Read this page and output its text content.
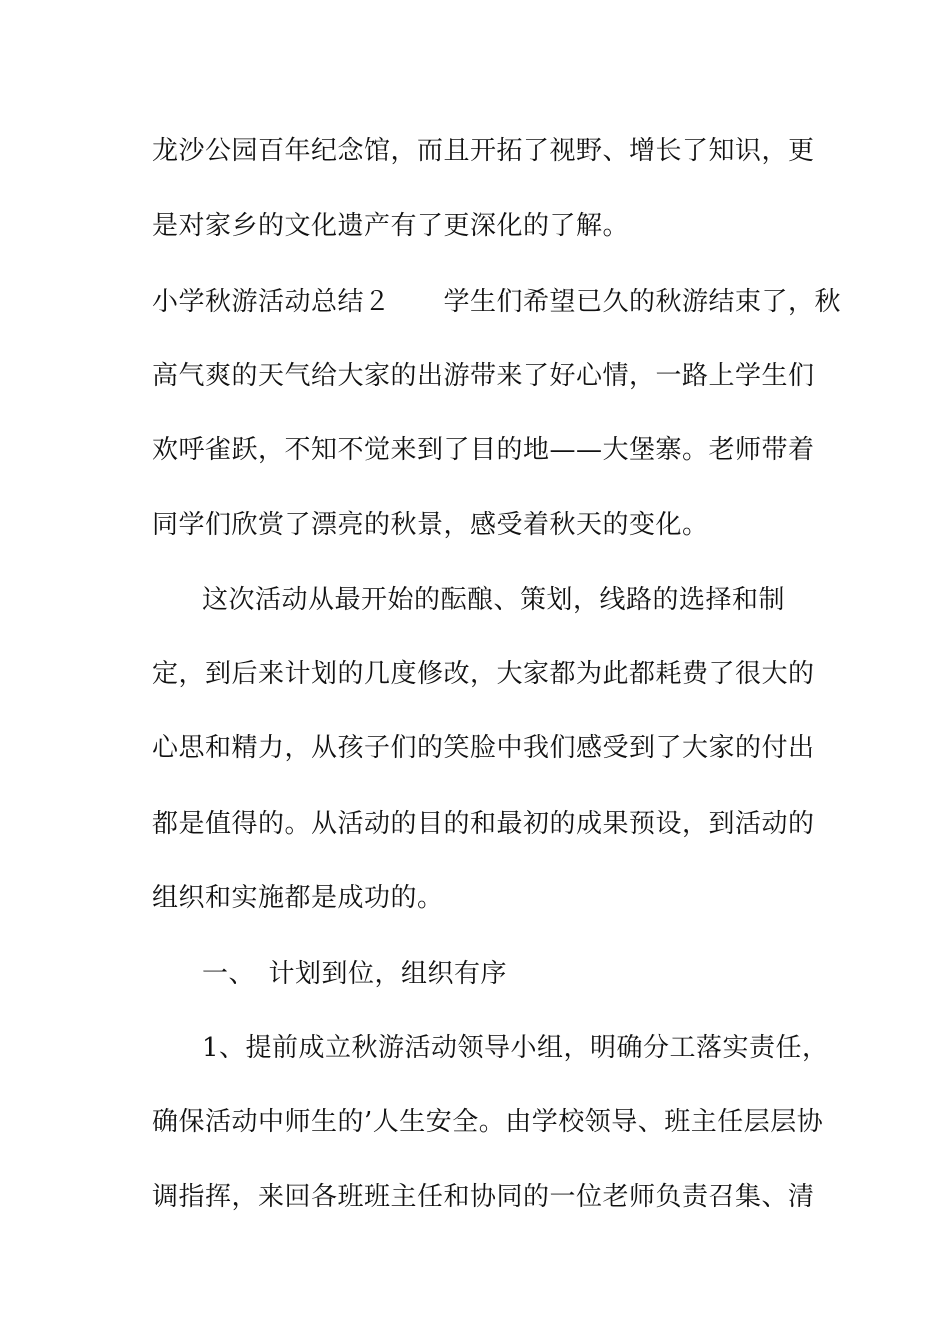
龙沙公园百年纪念馆，而且开拓了视野、增长了知识，更
是对家乡的文化遗产有了更深化的了解。
小学秋游活动总结２　　学生们希望已久的秋游结束了，秋
高气爽的天气给大家的出游带来了好心情，一路上学生们
欢呼雀跃，不知不觉来到了目的地——大堡寨。老师带着
同学们欣赏了漂亮的秋景，感受着秋天的变化。
这次活动从最开始的酝酿、策划，线路的选择和制
定，到后来计划的几度修改，大家都为此都耗费了很大的
心思和精力，从孩子们的笑脸中我们感受到了大家的付出
都是值得的。从活动的目的和最初的成果预设，到活动的
组织和实施都是成功的。
一、　计划到位，组织有序
1、提前成立秋游活动领导小组，明确分工落实责任，
确保活动中师生的’人生安全。由学校领导、班主任层层协
调指挥，来回各班班主任和协同的一位老师负责召集、清
